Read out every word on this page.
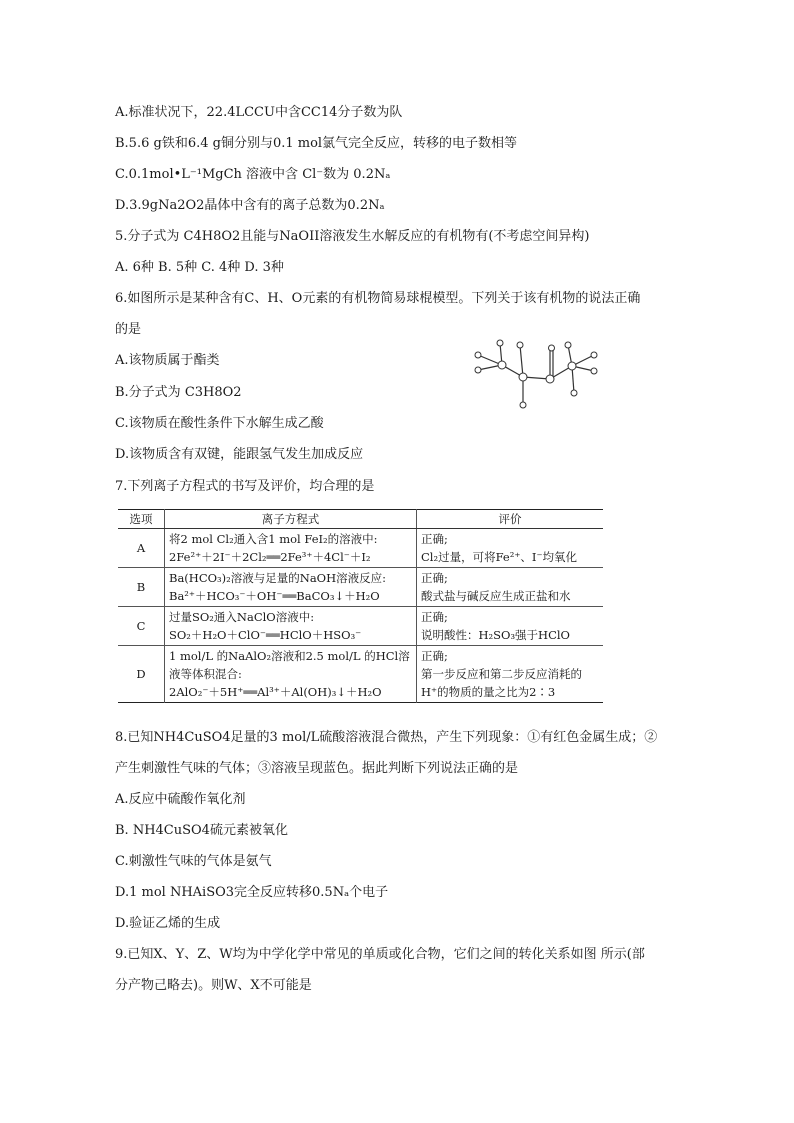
A.标准状况下，22.4LCCU中含CC14分子数为队
B.5.6 g铁和6.4 g铜分别与0.1 mol氯气完全反应，转移的电子数相等
C.0.1mol•L⁻¹MgCh 溶液中含 Cl⁻数为 0.2Nₐ
D.3.9gNa2O2晶体中含有的离子总数为0.2Nₐ
5.分子式为 C4H8O2且能与NaOII溶液发生水解反应的有机物有(不考虑空间异构)
A. 6种 B. 5种 C. 4种 D. 3种
6.如图所示是某种含有C、H、O元素的有机物简易球棍模型。下列关于该有机物的说法正确
的是
A.该物质属于酯类
B.分子式为 C3H8O2
C.该物质在酸性条件下水解生成乙酸
D.该物质含有双键，能跟氢气发生加成反应
7.下列离子方程式的书写及评价，均合理的是
选项	离子方程式	评价
A	将2 mol Cl₂通入含1 mol FeI₂的溶液中:
2Fe²⁺＋2I⁻＋2Cl₂══2Fe³⁺＋4Cl⁻＋I₂	正确;
Cl₂过量，可将Fe²⁺、I⁻均氧化

B	Ba(HCO₃)₂溶液与足量的NaOH溶液反应:
Ba²⁺＋HCO₃⁻＋OH⁻══BaCO₃↓＋H₂O	正确;
酸式盐与碱反应生成正盐和水

C	过量SO₂通入NaClO溶液中:
SO₂＋H₂O＋ClO⁻══HClO＋HSO₃⁻	正确;
说明酸性：H₂SO₃强于HClO

D	1 mol/L 的NaAlO₂溶液和2.5 mol/L 的HCl溶
液等体积混合:
2AlO₂⁻＋5H⁺══Al³⁺＋Al(OH)₃↓＋H₂O	正确;
第一步反应和第二步反应消耗的
H⁺的物质的量之比为2∶3
8.已知NH4CuSO4足量的3 mol/L硫酸溶液混合微热，产生下列现象：①有红色金属生成；②
产生刺激性气味的气体；③溶液呈现蓝色。据此判断下列说法正确的是
A.反应中硫酸作氧化剂
B. NH4CuSO4硫元素被氧化
C.刺激性气味的气体是氨气
D.1 mol NHAiSO3完全反应转移0.5Nₐ个电子
D.验证乙烯的生成
9.已知X、Y、Z、W均为中学化学中常见的单质或化合物，它们之间的转化关系如图 所示(部
分产物己略去)。则W、X不可能是
